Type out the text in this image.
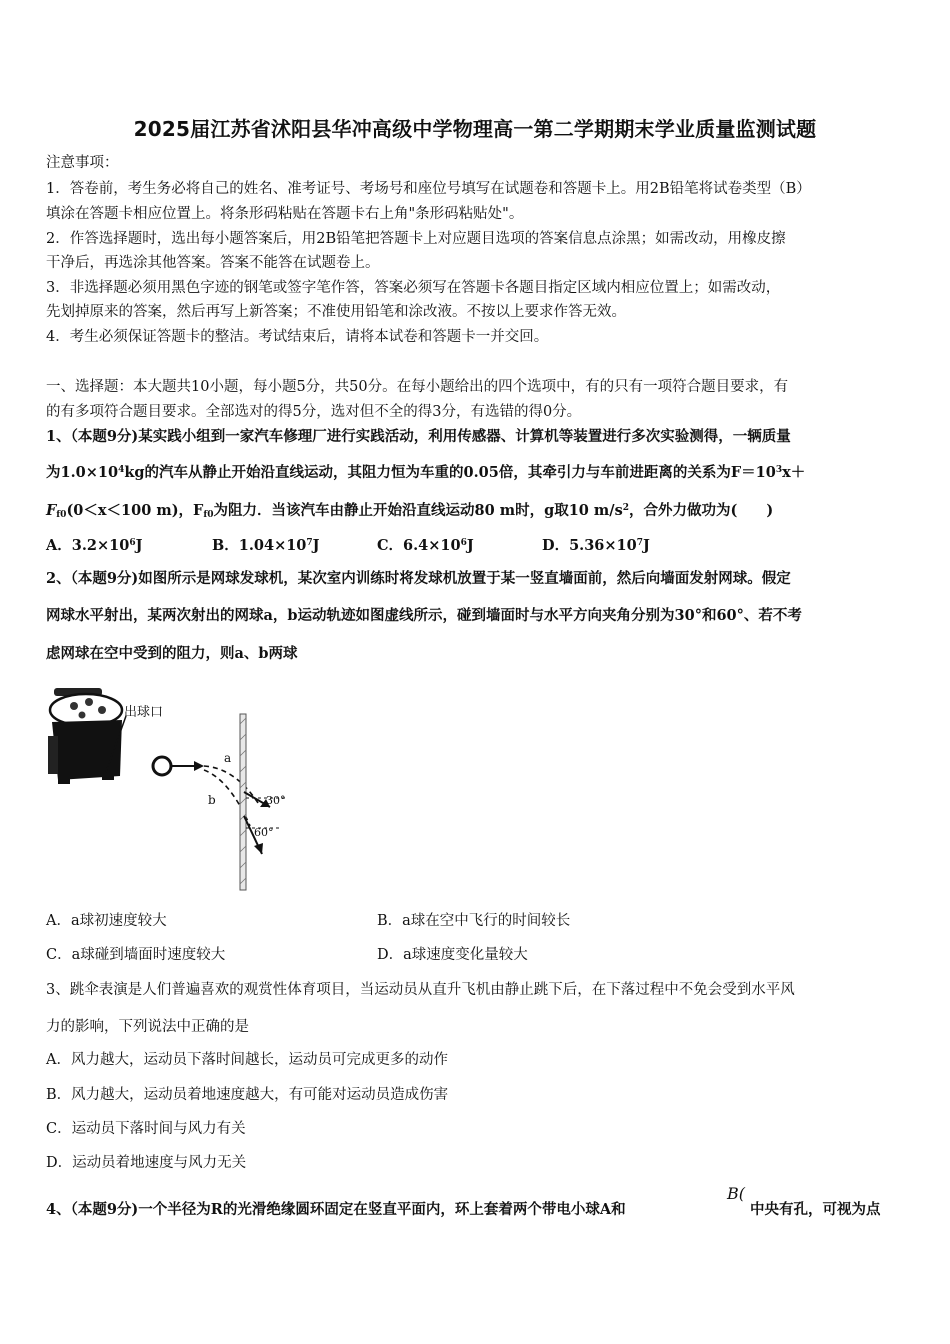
2025届江苏省沭阳县华冲高级中学物理高一第二学期期末学业质量监测试题
注意事项：
1．答卷前，考生务必将自己的姓名、准考证号、考场号和座位号填写在试题卷和答题卡上。用2B铅笔将试卷类型（B）
填涂在答题卡相应位置上。将条形码粘贴在答题卡右上角"条形码粘贴处"。
2．作答选择题时，选出每小题答案后，用2B铅笔把答题卡上对应题目选项的答案信息点涂黑；如需改动，用橡皮擦
干净后，再选涂其他答案。答案不能答在试题卷上。
3．非选择题必须用黑色字迹的钢笔或签字笔作答，答案必须写在答题卡各题目指定区域内相应位置上；如需改动，
先划掉原来的答案，然后再写上新答案；不准使用铅笔和涂改液。不按以上要求作答无效。
4．考生必须保证答题卡的整洁。考试结束后，请将本试卷和答题卡一并交回。
一、选择题：本大题共10小题，每小题5分，共50分。在每小题给出的四个选项中，有的只有一项符合题目要求，有
的有多项符合题目要求。全部选对的得5分，选对但不全的得3分，有选错的得0分。
1、（本题9分)某实践小组到一家汽车修理厂进行实践活动，利用传感器、计算机等装置进行多次实验测得，一辆质量
为$1.0\times 10^4kg$的汽车从静止开始沿直线运动，其阻力恒为车重的0.05倍，其牵引力与车前进距离的关系为$F=10^3x+$
$F_{f0}(0<x<100$ m)，$F_{f0}$为阻力．当该汽车由静止开始沿直线运动80 m时，g取10 $m/s^2$，合外力做功为(　　)
A．$3.2\times 10^6J$	B．$1.04\times 10^7J$	C．$6.4\times 10^6J$	D．$5.36\times 10^7J$
2、（本题9分)如图所示是网球发球机，某次室内训练时将发球机放置于某一竖直墙面前，然后向墙面发射网球。假定
网球水平射出，某两次射出的网球a，b运动轨迹如图虚线所示，碰到墙面时与水平方向夹角分别为30°和60°、若不考
虑网球在空中受到的阻力，则a、b两球
出球口
a
b	30°
60°
A．a球初速度较大	B．a球在空中飞行的时间较长
C．a球碰到墙面时速度较大	D．a球速度变化量较大
3、跳伞表演是人们普遍喜欢的观赏性体育项目，当运动员从直升飞机由静止跳下后，在下落过程中不免会受到水平风
力的影响，下列说法中正确的是
A．风力越大，运动员下落时间越长，运动员可完成更多的动作
B．风力越大，运动员着地速度越大，有可能对运动员造成伤害
C．运动员下落时间与风力有关
D．运动员着地速度与风力无关
4、（本题9分)一个半径为R的光滑绝缘圆环固定在竖直平面内，环上套着两个带电小球A和
B(
中央有孔，可视为点
